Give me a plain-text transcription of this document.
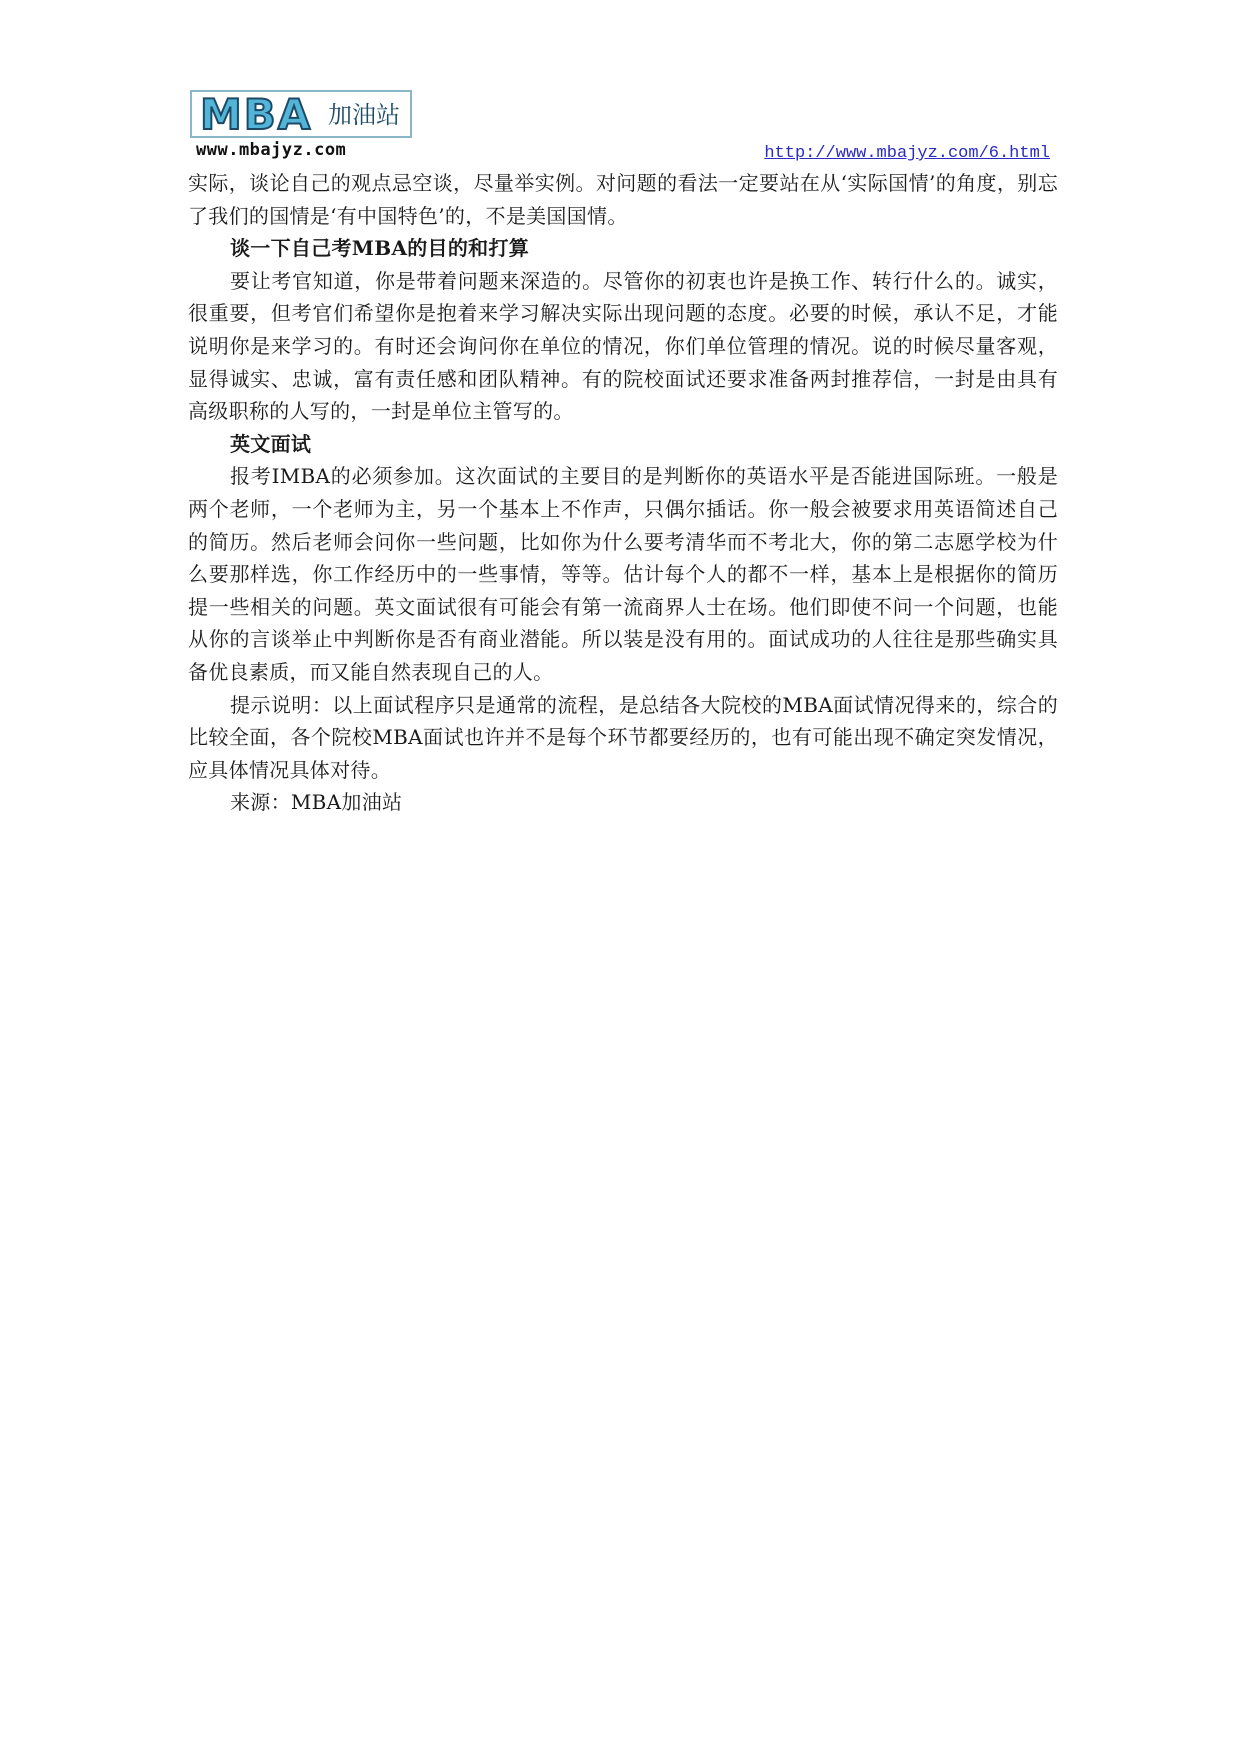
MBA 加油站
www.mbajyz.com	http://www.mbajyz.com/6.html

实际，谈论自己的观点忌空谈，尽量举实例。对问题的看法一定要站在从‘实际国情’的角度，别忘了我们的国情是‘有中国特色’的，不是美国国情。

谈一下自己考MBA的目的和打算

要让考官知道，你是带着问题来深造的。尽管你的初衷也许是换工作、转行什么的。诚实，很重要，但考官们希望你是抱着来学习解决实际出现问题的态度。必要的时候，承认不足，才能说明你是来学习的。有时还会询问你在单位的情况，你们单位管理的情况。说的时候尽量客观，显得诚实、忠诚，富有责任感和团队精神。有的院校面试还要求准备两封推荐信，一封是由具有高级职称的人写的，一封是单位主管写的。

英文面试

报考IMBA的必须参加。这次面试的主要目的是判断你的英语水平是否能进国际班。一般是两个老师，一个老师为主，另一个基本上不作声，只偶尔插话。你一般会被要求用英语简述自己的简历。然后老师会问你一些问题，比如你为什么要考清华而不考北大，你的第二志愿学校为什么要那样选，你工作经历中的一些事情，等等。估计每个人的都不一样，基本上是根据你的简历提一些相关的问题。英文面试很有可能会有第一流商界人士在场。他们即使不问一个问题，也能从你的言谈举止中判断你是否有商业潜能。所以装是没有用的。面试成功的人往往是那些确实具备优良素质，而又能自然表现自己的人。

提示说明：以上面试程序只是通常的流程，是总结各大院校的MBA面试情况得来的，综合的比较全面，各个院校MBA面试也许并不是每个环节都要经历的，也有可能出现不确定突发情况，应具体情况具体对待。

来源：MBA加油站
